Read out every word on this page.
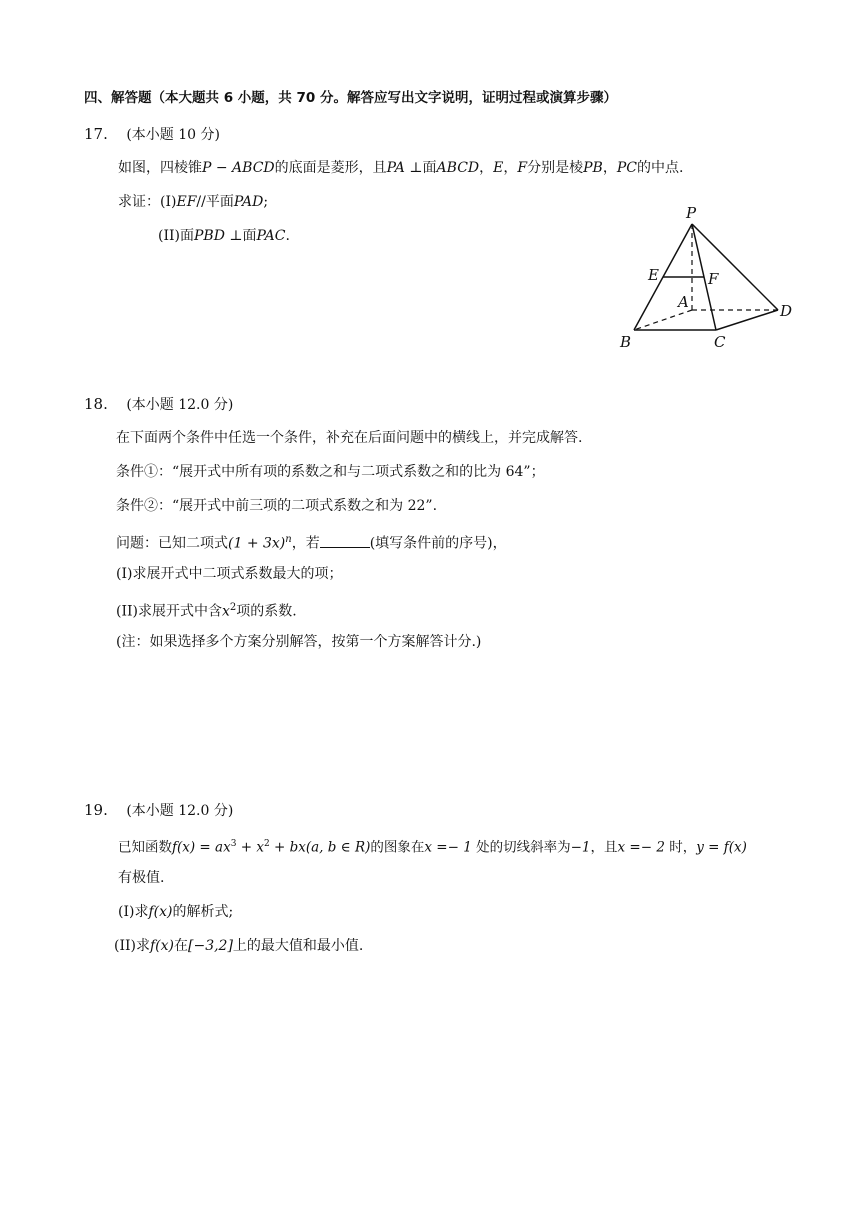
四、解答题（本大题共 6 小题，共 70 分。解答应写出文字说明，证明过程或演算步骤）
17. (本小题 10 分)
如图，四棱锥P − ABCD的底面是菱形，且PA ⊥面ABCD，E，F分别是棱PB，PC的中点.
求证：(I)EF//平面PAD;
(II)面PBD ⊥面PAC.
P
E	F
A	D
B	C
18. (本小题 12.0 分)
在下面两个条件中任选一个条件，补充在后面问题中的横线上，并完成解答.
条件①：“展开式中所有项的系数之和与二项式系数之和的比为 64”；
条件②：“展开式中前三项的二项式系数之和为 22”.
问题：已知二项式$(1 + 3x)^n$，若	(填写条件前的序号)，
(I)求展开式中二项式系数最大的项；
(II)求展开式中含$x^2$项的系数.
(注：如果选择多个方案分别解答，按第一个方案解答计分.)
19. (本小题 12.0 分)
已知函数$f(x) = ax^3 + x^2 + bx(a$, b ∈ R)的图象在x =− 1 处的切线斜率为−1，且x =− 2 时，y = f(x)
有极值.
(I)求f(x)的解析式;
(II)求f(x)在[−3,2]上的最大值和最小值.
